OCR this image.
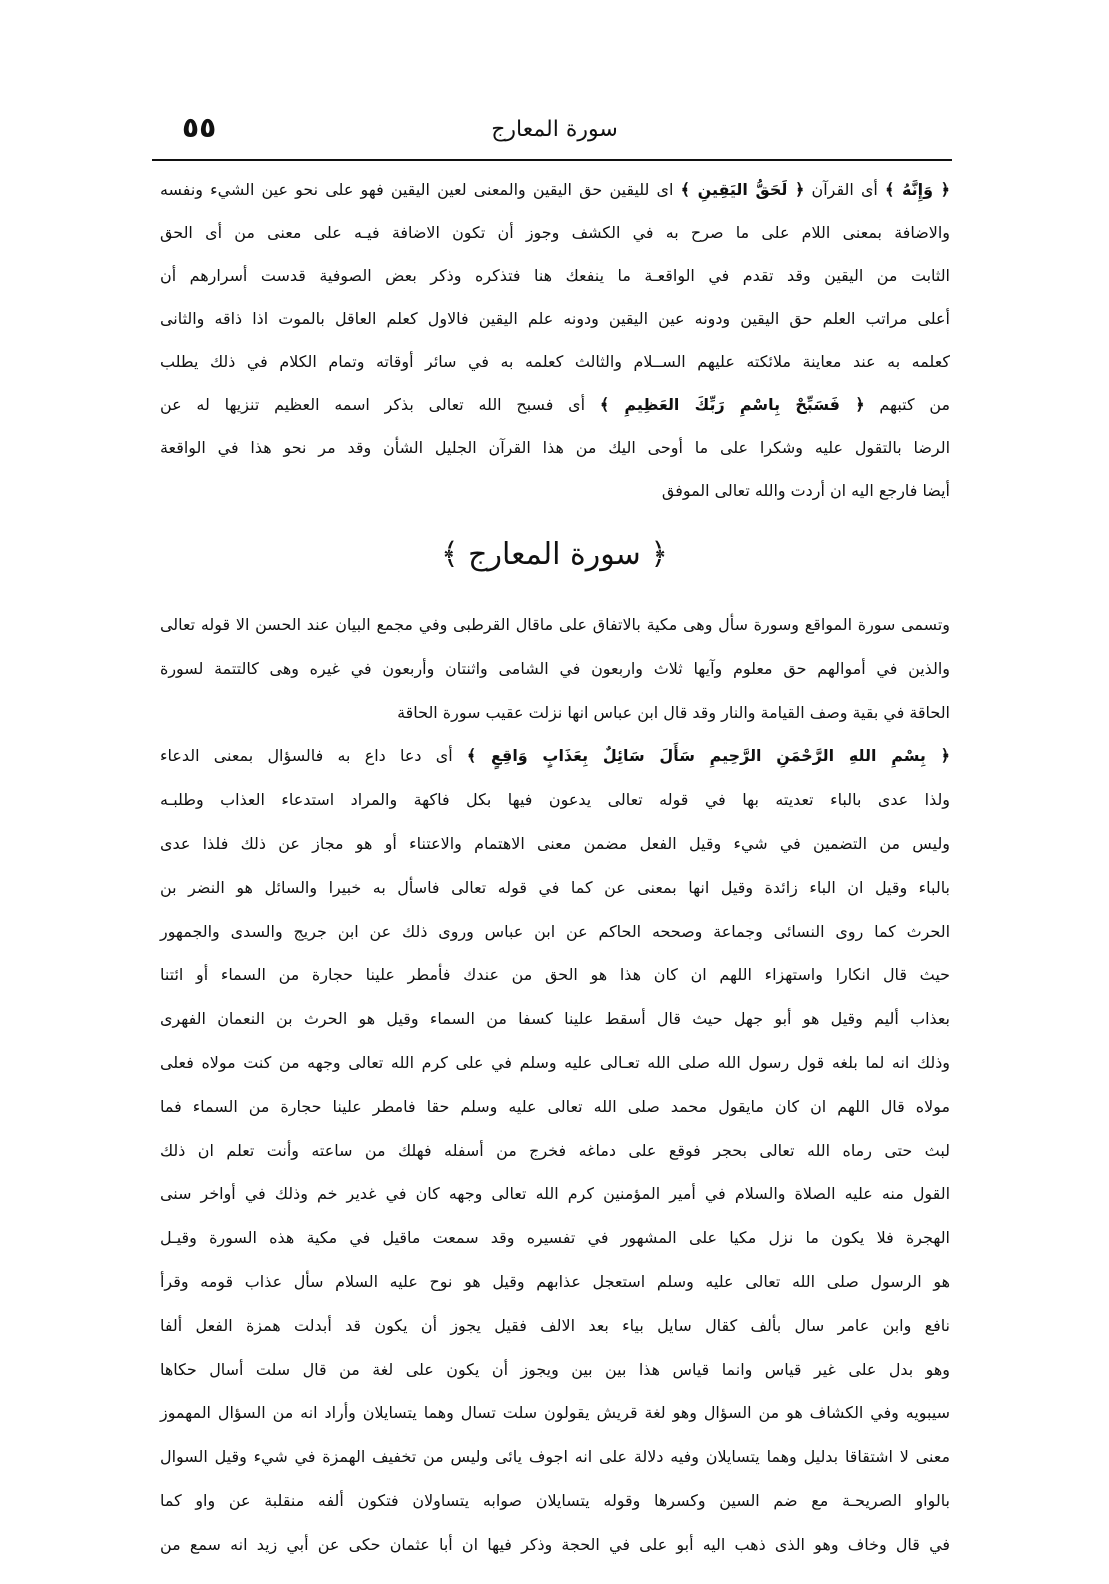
سورة المعارج
٥٥
﴿ وَإِنَّهُ ﴾ أى القرآن ﴿ لَحَقُّ اليَقِينِ ﴾ اى لليقين حق اليقين والمعنى لعين اليقين فهو على نحو عين الشيء ونفسه
والاضافة بمعنى اللام على ما صرح به في الكشف وجوز أن تكون الاضافة فيـه على معنى من أى الحق
الثابت من اليقين وقد تقدم في الواقعـة ما ينفعك هنا فتذكره وذكر بعض الصوفية قدست أسرارهم أن
أعلى مراتب العلم حق اليقين ودونه عين اليقين ودونه علم اليقين فالاول كعلم العاقل بالموت اذا ذاقه والثانى
كعلمه به عند معاينة ملائكته عليهم الســلام والثالث كعلمه به في سائر أوقاته وتمام الكلام في ذلك يطلب
من كتبهم ﴿ فَسَبِّحْ بِاسْمِ رَبِّكَ العَظِيمِ ﴾ أى فسبح الله تعالى بذكر اسمه العظيم تنزيها له عن
الرضا بالتقول عليه وشكرا على ما أوحى اليك من هذا القرآن الجليل الشأن وقد مر نحو هذا في الواقعة
أيضا فارجع اليه ان أردت والله تعالى الموفق
﴿ سورة المعارج ﴾
وتسمى سورة المواقع وسورة سأل وهى مكية بالاتفاق على ماقال القرطبى وفي مجمع البيان عند الحسن الا قوله تعالى
والذين في أموالهم حق معلوم وآيها ثلاث واربعون في الشامى واثنتان وأربعون في غيره وهى كالتتمة لسورة
الحاقة في بقية وصف القيامة والنار وقد قال ابن عباس انها نزلت عقيب سورة الحاقة
﴿ بِسْمِ اللهِ الرَّحْمَنِ الرَّحِيمِ سَأَلَ سَائِلٌ بِعَذَابٍ وَاقِعٍ ﴾ أى دعا داع به فالسؤال بمعنى الدعاء
ولذا عدى بالباء تعديته بها في قوله تعالى يدعون فيها بكل فاكهة والمراد استدعاء العذاب وطلبـه
وليس من التضمين في شيء وقيل الفعل مضمن معنى الاهتمام والاعتناء أو هو مجاز عن ذلك فلذا عدى
بالباء وقيل ان الباء زائدة وقيل انها بمعنى عن كما في قوله تعالى فاسأل به خبيرا والسائل هو النضر بن
الحرث كما روى النسائى وجماعة وصححه الحاكم عن ابن عباس وروى ذلك عن ابن جريج والسدى والجمهور
حيث قال انكارا واستهزاء اللهم ان كان هذا هو الحق من عندك فأمطر علينا حجارة من السماء أو ائتنا
بعذاب أليم وقيل هو أبو جهل حيث قال أسقط علينا كسفا من السماء وقيل هو الحرث بن النعمان الفهرى
وذلك انه لما بلغه قول رسول الله صلى الله تعـالى عليه وسلم في على كرم الله تعالى وجهه من كنت مولاه فعلى
مولاه قال اللهم ان كان مايقول محمد صلى الله تعالى عليه وسلم حقا فامطر علينا حجارة من السماء فما
لبث حتى رماه الله تعالى بحجر فوقع على دماغه فخرج من أسفله فهلك من ساعته وأنت تعلم ان ذلك
القول منه عليه الصلاة والسلام في أمير المؤمنين كرم الله تعالى وجهه كان في غدير خم وذلك في أواخر سنى
الهجرة فلا يكون ما نزل مكيا على المشهور في تفسيره وقد سمعت ماقيل في مكية هذه السورة وقيـل
هو الرسول صلى الله تعالى عليه وسلم استعجل عذابهم وقيل هو نوح عليه السلام سأل عذاب قومه وقرأ
نافع وابن عامر سال بألف كقال سايل بياء بعد الالف فقيل يجوز أن يكون قد أبدلت همزة الفعل ألفا
وهو بدل على غير قياس وانما قياس هذا بين بين ويجوز أن يكون على لغة من قال سلت أسال حكاها
سيبويه وفي الكشاف هو من السؤال وهو لغة قريش يقولون سلت تسال وهما يتسايلان وأراد انه من السؤال المهموز
معنى لا اشتقاقا بدليل وهما يتسايلان وفيه دلالة على انه اجوف يائى وليس من تخفيف الهمزة في شيء وقيل السوال
بالواو الصريحـة مع ضم السين وكسرها وقوله يتسايلان صوابه يتساولان فتكون ألفه منقلبة عن واو كما
في قال وخاف وهو الذى ذهب اليه أبو على في الحجة وذكر فيها ان أبا عثمان حكى عن أبي زيد انه سمع من
